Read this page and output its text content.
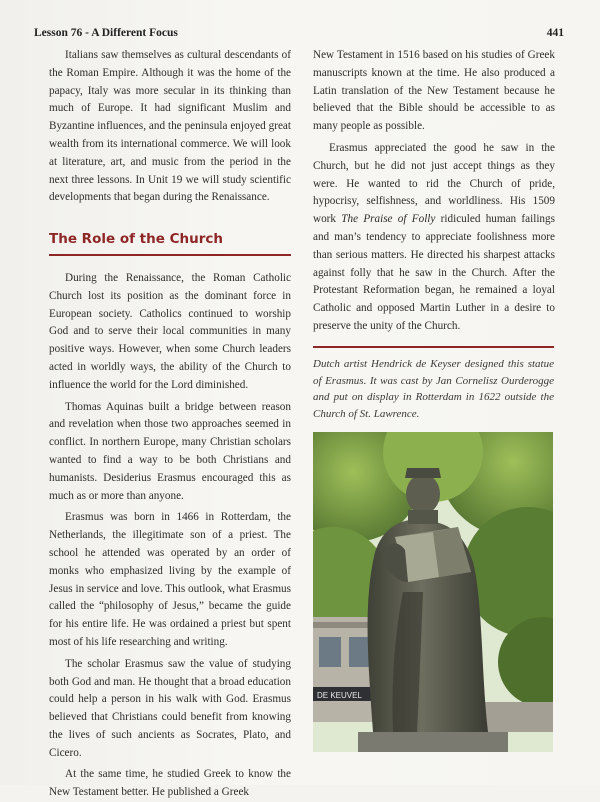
Lesson 76 - A Different Focus	441

Italians saw themselves as cultural descendants of the Roman Empire. Although it was the home of the papacy, Italy was more secular in its thinking than much of Europe. It had significant Muslim and Byzantine influences, and the peninsula enjoyed great wealth from its international commerce. We will look at literature, art, and music from the period in the next three lessons. In Unit 19 we will study scientific developments that began during the Renaissance.

The Role of the Church

During the Renaissance, the Roman Catholic Church lost its position as the dominant force in European society. Catholics continued to worship God and to serve their local communities in many positive ways. However, when some Church leaders acted in worldly ways, the ability of the Church to influence the world for the Lord diminished.

Thomas Aquinas built a bridge between reason and revelation when those two approaches seemed in conflict. In northern Europe, many Christian scholars wanted to find a way to be both Christians and humanists. Desiderius Erasmus encouraged this as much as or more than anyone.

Erasmus was born in 1466 in Rotterdam, the Netherlands, the illegitimate son of a priest. The school he attended was operated by an order of monks who emphasized living by the example of Jesus in service and love. This outlook, what Erasmus called the “philosophy of Jesus,” became the guide for his entire life. He was ordained a priest but spent most of his life researching and writing.

The scholar Erasmus saw the value of studying both God and man. He thought that a broad education could help a person in his walk with God. Erasmus believed that Christians could benefit from knowing the lives of such ancients as Socrates, Plato, and Cicero.

At the same time, he studied Greek to know the New Testament better. He published a Greek

New Testament in 1516 based on his studies of Greek manuscripts known at the time. He also produced a Latin translation of the New Testament because he believed that the Bible should be accessible to as many people as possible.

Erasmus appreciated the good he saw in the Church, but he did not just accept things as they were. He wanted to rid the Church of pride, hypocrisy, selfishness, and worldliness. His 1509 work The Praise of Folly ridiculed human failings and man’s tendency to appreciate foolishness more than serious matters. He directed his sharpest attacks against folly that he saw in the Church. After the Protestant Reformation began, he remained a loyal Catholic and opposed Martin Luther in a desire to preserve the unity of the Church.

Dutch artist Hendrick de Keyser designed this statue of Erasmus. It was cast by Jan Cornelisz Ourderogge and put on display in Rotterdam in 1622 outside the Church of St. Lawrence.
DE KEUVEL
